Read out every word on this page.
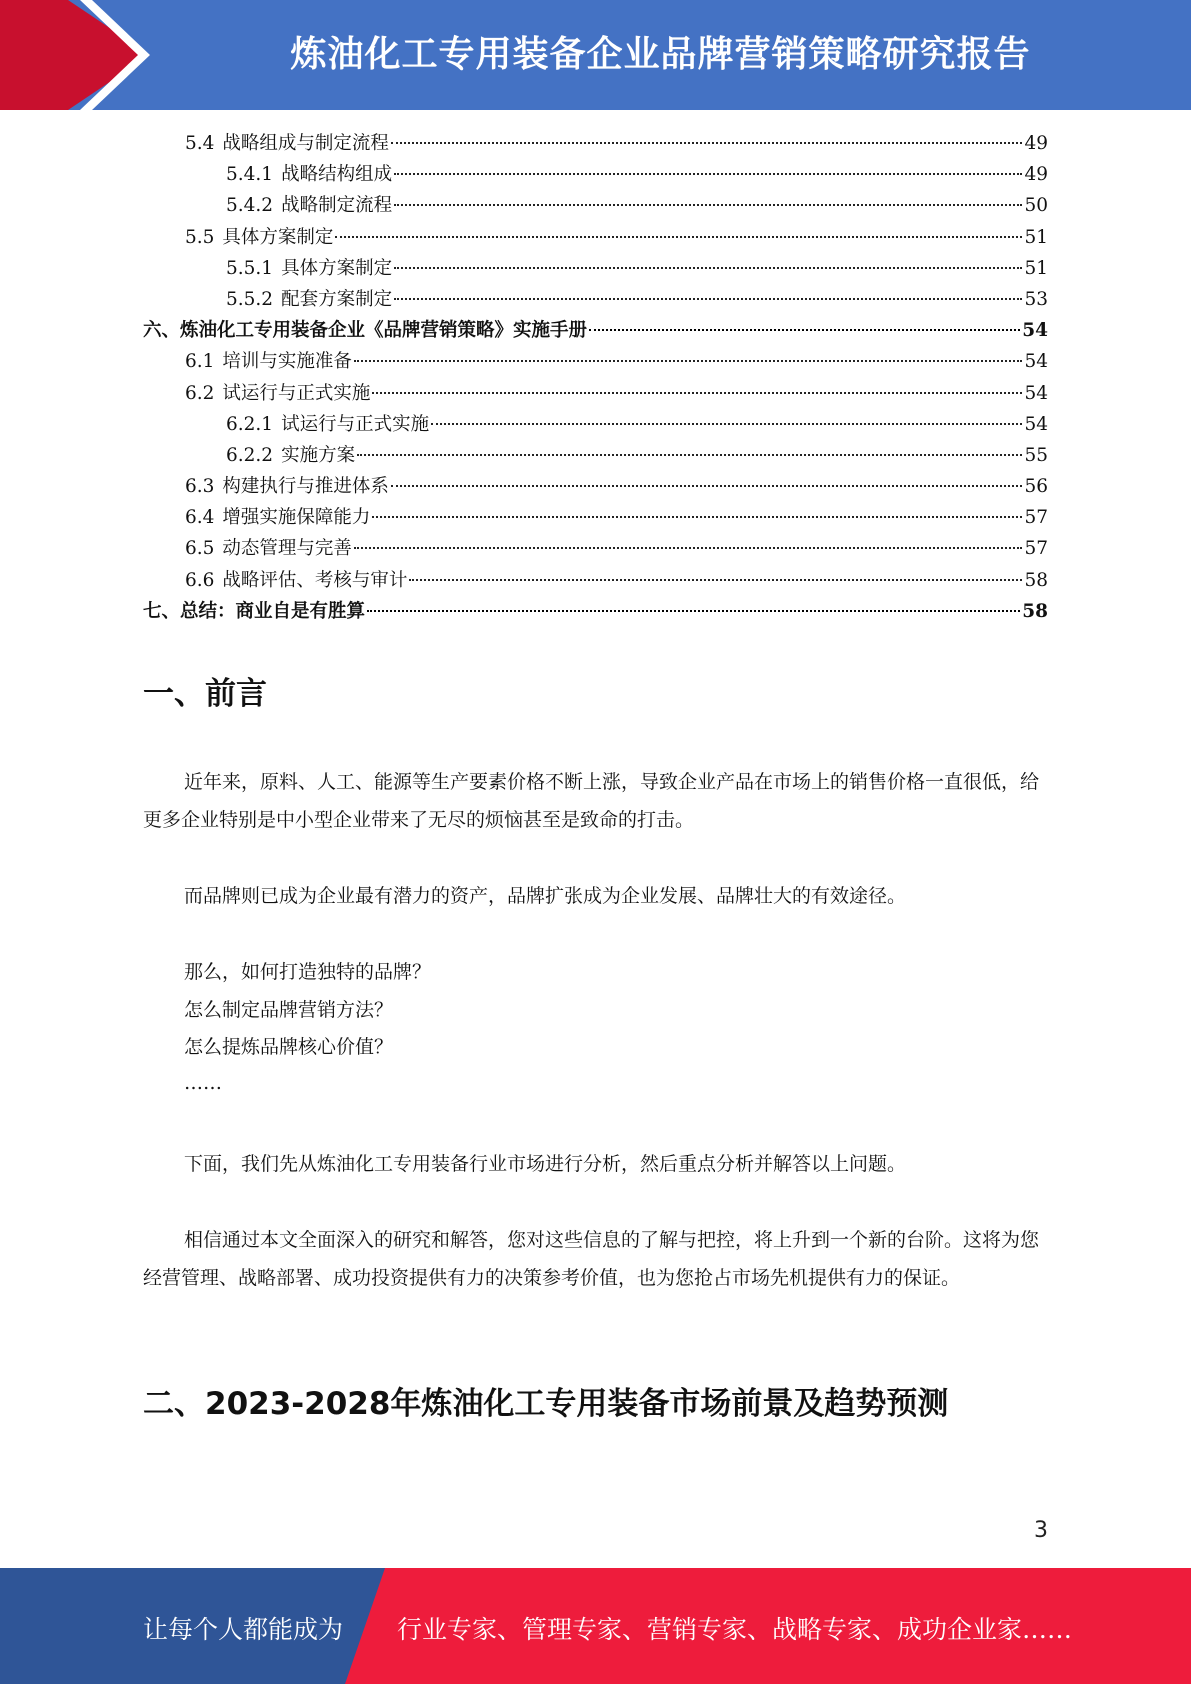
炼油化工专用装备企业品牌营销策略研究报告
5.4 战略组成与制定流程	49
5.4.1 战略结构组成	49
5.4.2 战略制定流程	50
5.5 具体方案制定	51
5.5.1 具体方案制定	51
5.5.2 配套方案制定	53
六、炼油化工专用装备企业《品牌营销策略》实施手册	54
6.1 培训与实施准备	54
6.2 试运行与正式实施	54
6.2.1 试运行与正式实施	54
6.2.2 实施方案	55
6.3 构建执行与推进体系	56
6.4 增强实施保障能力	57
6.5 动态管理与完善	57
6.6 战略评估、考核与审计	58
七、总结：商业自是有胜算	58
一、前言

近年来，原料、人工、能源等生产要素价格不断上涨，导致企业产品在市场上的销售价格一直很低，给更多企业特别是中小型企业带来了无尽的烦恼甚至是致命的打击。

而品牌则已成为企业最有潜力的资产，品牌扩张成为企业发展、品牌壮大的有效途径。

那么，如何打造独特的品牌？
怎么制定品牌营销方法？
怎么提炼品牌核心价值？
……

下面，我们先从炼油化工专用装备行业市场进行分析，然后重点分析并解答以上问题。

相信通过本文全面深入的研究和解答，您对这些信息的了解与把控，将上升到一个新的台阶。这将为您经营管理、战略部署、成功投资提供有力的决策参考价值，也为您抢占市场先机提供有力的保证。

二、2023-2028年炼油化工专用装备市场前景及趋势预测
3
让每个人都能成为 行业专家、管理专家、营销专家、战略专家、成功企业家……
